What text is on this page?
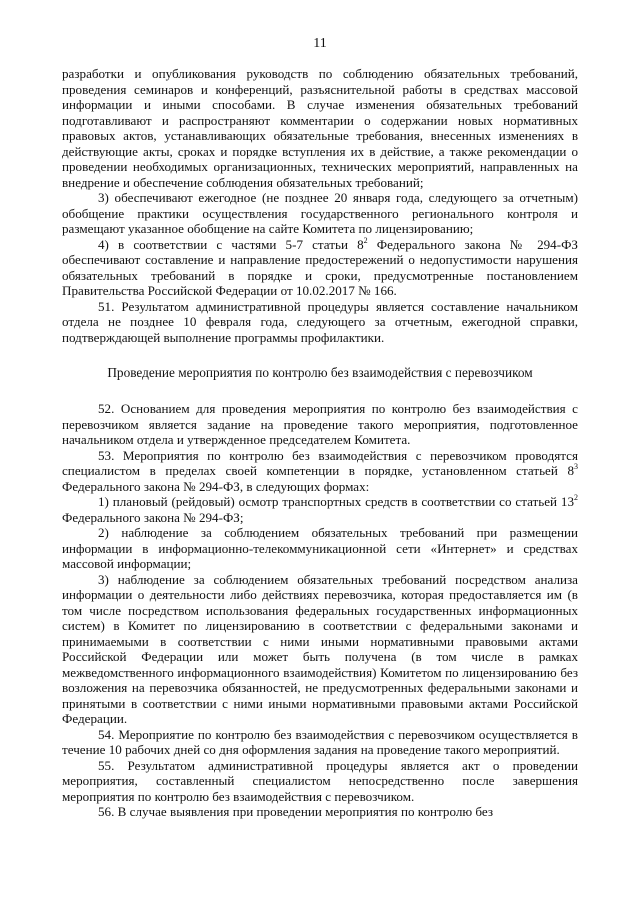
11

разработки и опубликования руководств по соблюдению обязательных требований, проведения семинаров и конференций, разъяснительной работы в средствах массовой информации и иными способами. В случае изменения обязательных требований подготавливают и распространяют комментарии о содержании новых нормативных правовых актов, устанавливающих обязательные требования, внесенных изменениях в действующие акты, сроках и порядке вступления их в действие, а также рекомендации о проведении необходимых организационных, технических мероприятий, направленных на внедрение и обеспечение соблюдения обязательных требований;

3) обеспечивают ежегодное (не позднее 20 января года, следующего за отчетным) обобщение практики осуществления государственного регионального контроля и размещают указанное обобщение на сайте Комитета по лицензированию;

4) в соответствии с частями 5-7 статьи $8^2$ Федерального закона № 294-ФЗ обеспечивают составление и направление предостережений о недопустимости нарушения обязательных требований в порядке и сроки, предусмотренные постановлением Правительства Российской Федерации от 10.02.2017 № 166.

51. Результатом административной процедуры является составление начальником отдела не позднее 10 февраля года, следующего за отчетным, ежегодной справки, подтверждающей выполнение программы профилактики.

Проведение мероприятия по контролю без взаимодействия с перевозчиком

52. Основанием для проведения мероприятия по контролю без взаимодействия с перевозчиком является задание на проведение такого мероприятия, подготовленное начальником отдела и утвержденное председателем Комитета.

53. Мероприятия по контролю без взаимодействия с перевозчиком проводятся специалистом в пределах своей компетенции в порядке, установленном статьей $8^3$ Федерального закона № 294-ФЗ, в следующих формах:

1) плановый (рейдовый) осмотр транспортных средств в соответствии со статьей $13^2$ Федерального закона № 294-ФЗ;

2) наблюдение за соблюдением обязательных требований при размещении информации в информационно-телекоммуникационной сети «Интернет» и средствах массовой информации;

3) наблюдение за соблюдением обязательных требований посредством анализа информации о деятельности либо действиях перевозчика, которая предоставляется им (в том числе посредством использования федеральных государственных информационных систем) в Комитет по лицензированию в соответствии с федеральными законами и принимаемыми в соответствии с ними иными нормативными правовыми актами Российской Федерации или может быть получена (в том числе в рамках межведомственного информационного взаимодействия) Комитетом по лицензированию без возложения на перевозчика обязанностей, не предусмотренных федеральными законами и принятыми в соответствии с ними иными нормативными правовыми актами Российской Федерации.

54. Мероприятие по контролю без взаимодействия с перевозчиком осуществляется в течение 10 рабочих дней со дня оформления задания на проведение такого мероприятий.

55. Результатом административной процедуры является акт о проведении мероприятия, составленный специалистом непосредственно после завершения мероприятия по контролю без взаимодействия с перевозчиком.

56. В случае выявления при проведении мероприятия по контролю без
